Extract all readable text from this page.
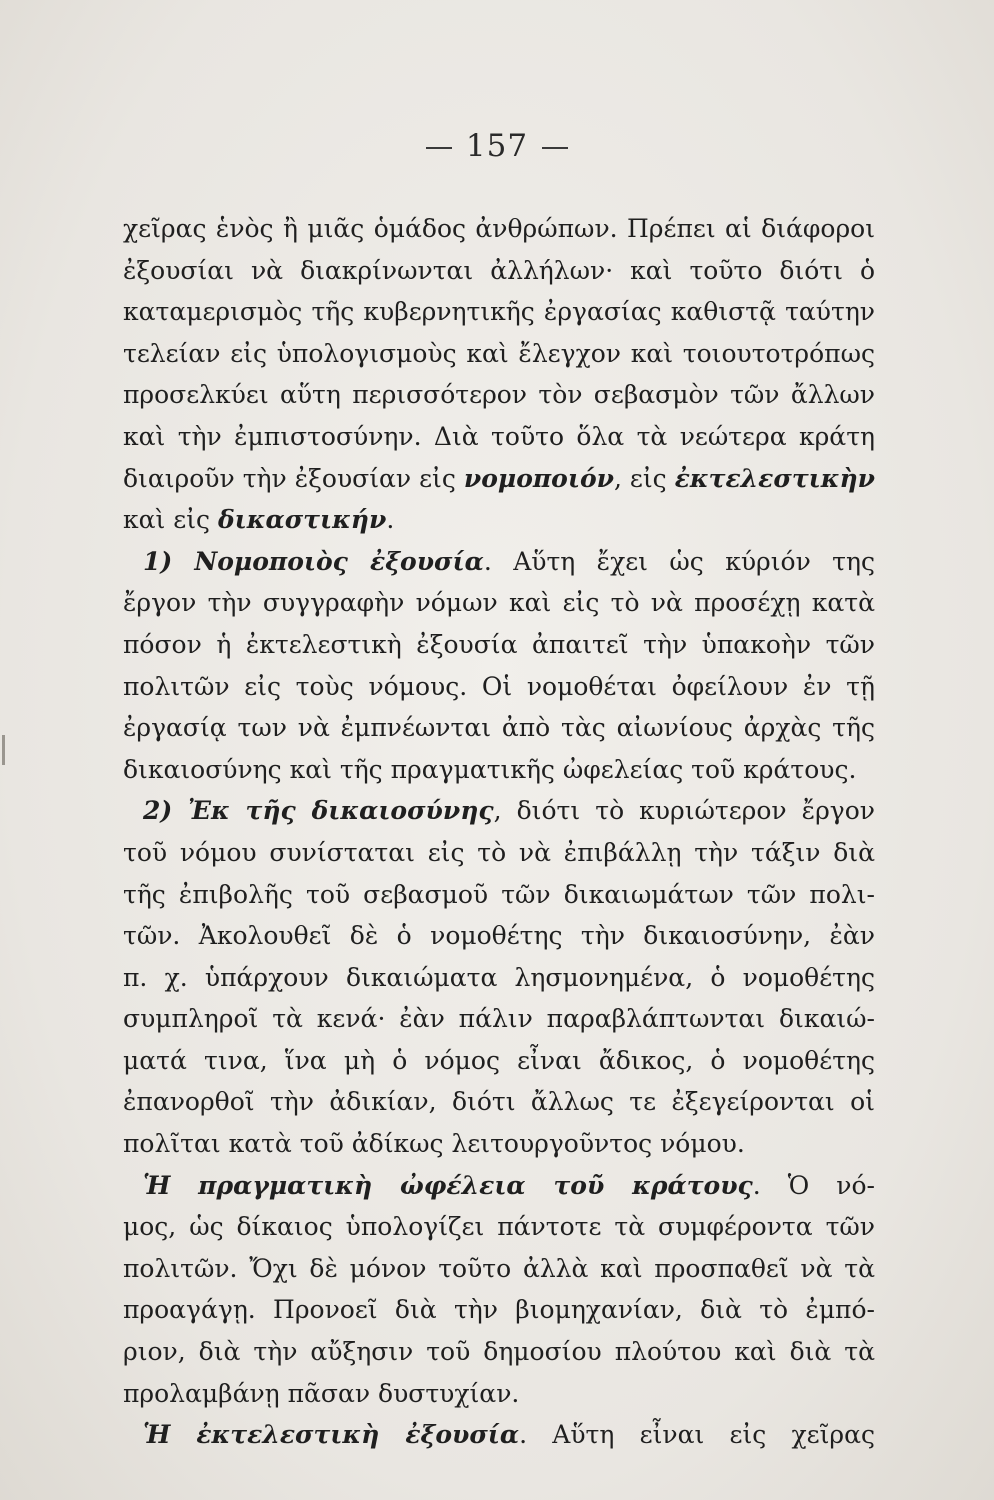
157
χεῖρας ἑνὸς ἢ μιᾶς ὁμάδος ἀνθρώπων. Πρέπει αἱ διάφοροι
ἐξουσίαι νὰ διακρίνωνται ἀλλήλων· καὶ τοῦτο διότι ὁ
καταμερισμὸς τῆς κυβερνητικῆς ἐργασίας καθιστᾷ ταύτην
τελείαν εἰς ὑπολογισμοὺς καὶ ἔλεγχον καὶ τοιουτοτρόπως
προσελκύει αὕτη περισσότερον τὸν σεβασμὸν τῶν ἄλλων
καὶ τὴν ἐμπιστοσύνην. Διὰ τοῦτο ὅλα τὰ νεώτερα κράτη
διαιροῦν τὴν ἐξουσίαν εἰς νομοποιόν, εἰς ἐκτελεστικὴν
καὶ εἰς δικαστικήν.
1) Νομοποιὸς ἐξουσία. Αὕτη ἔχει ὡς κύριόν της
ἔργον τὴν συγγραφὴν νόμων καὶ εἰς τὸ νὰ προσέχῃ κατὰ
πόσον ἡ ἐκτελεστικὴ ἐξουσία ἀπαιτεῖ τὴν ὑπακοὴν τῶν
πολιτῶν εἰς τοὺς νόμους. Οἱ νομοθέται ὀφείλουν ἐν τῇ
ἐργασίᾳ των νὰ ἐμπνέωνται ἀπὸ τὰς αἰωνίους ἀρχὰς τῆς
δικαιοσύνης καὶ τῆς πραγματικῆς ὠφελείας τοῦ κράτους.
2) Ἐκ τῆς δικαιοσύνης, διότι τὸ κυριώτερον ἔργον
τοῦ νόμου συνίσταται εἰς τὸ νὰ ἐπιβάλλῃ τὴν τάξιν διὰ
τῆς ἐπιβολῆς τοῦ σεβασμοῦ τῶν δικαιωμάτων τῶν πολι-
τῶν. Ἀκολουθεῖ δὲ ὁ νομοθέτης τὴν δικαιοσύνην, ἐὰν
π. χ. ὑπάρχουν δικαιώματα λησμονημένα, ὁ νομοθέτης
συμπληροῖ τὰ κενά· ἐὰν πάλιν παραβλάπτωνται δικαιώ-
ματά τινα, ἵνα μὴ ὁ νόμος εἶναι ἄδικος, ὁ νομοθέτης
ἐπανορθοῖ τὴν ἀδικίαν, διότι ἄλλως τε ἐξεγείρονται οἱ
πολῖται κατὰ τοῦ ἀδίκως λειτουργοῦντος νόμου.
Ἡ πραγματικὴ ὠφέλεια τοῦ κράτους. Ὁ νό-
μος, ὡς δίκαιος ὑπολογίζει πάντοτε τὰ συμφέροντα τῶν
πολιτῶν. Ὄχι δὲ μόνον τοῦτο ἀλλὰ καὶ προσπαθεῖ νὰ τὰ
προαγάγῃ. Προνοεῖ διὰ τὴν βιομηχανίαν, διὰ τὸ ἐμπό-
ριον, διὰ τὴν αὔξησιν τοῦ δημοσίου πλούτου καὶ διὰ τὰ
προλαμβάνῃ πᾶσαν δυστυχίαν.
Ἡ ἐκτελεστικὴ ἐξουσία. Αὕτη εἶναι εἰς χεῖρας
